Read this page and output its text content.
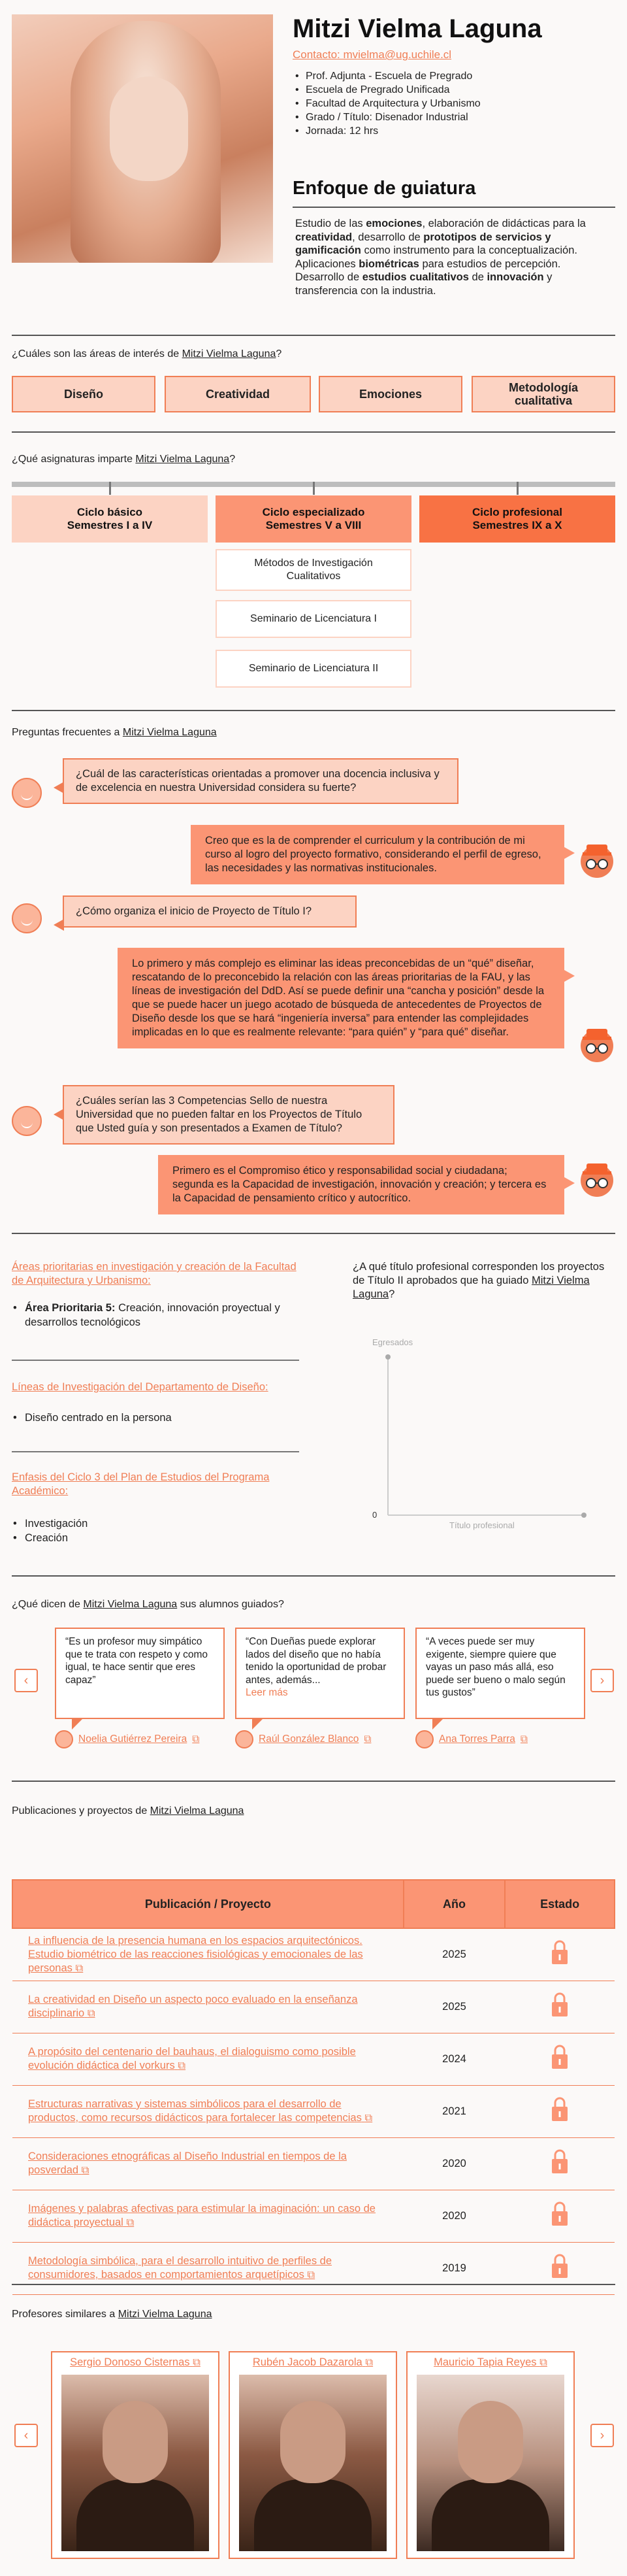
Mitzi Vielma Laguna
Contacto: mvielma@ug.uchile.cl
• Prof. Adjunta - Escuela de Pregrado
• Escuela de Pregrado Unificada
• Facultad de Arquitectura y Urbanismo
• Grado / Título: Disenador Industrial
• Jornada: 12 hrs
Enfoque de guiatura
Estudio de las emociones, elaboración de didácticas para la creatividad, desarrollo de prototipos de servicios y gamificación como instrumento para la conceptualización. Aplicaciones biométricas para estudios de percepción. Desarrollo de estudios cualitativos de innovación y transferencia con la industria.
¿Cuáles son las áreas de interés de Mitzi Vielma Laguna?
Diseño	Creatividad	Emociones	Metodología cualitativa
¿Qué asignaturas imparte Mitzi Vielma Laguna?
Ciclo básico
Semestres I a IV
Ciclo especializado
Semestres V a VIII
Ciclo profesional
Semestres IX a X
Métodos de Investigación Cualitativos
Seminario de Licenciatura I
Seminario de Licenciatura II
Preguntas frecuentes a Mitzi Vielma Laguna
¿Cuál de las características orientadas a promover una docencia inclusiva y de excelencia en nuestra Universidad considera su fuerte?
Creo que es la de comprender el curriculum y la contribución de mi curso al logro del proyecto formativo, considerando el perfil de egreso, las necesidades y las normativas institucionales.
¿Cómo organiza el inicio de Proyecto de Título I?
Lo primero y más complejo es eliminar las ideas preconcebidas de un “qué” diseñar, rescatando de lo preconcebido la relación con las áreas prioritarias de la FAU, y las líneas de investigación del DdD. Así se puede definir una “cancha y posición” desde la que se puede hacer un juego acotado de búsqueda de antecedentes de Proyectos de Diseño desde los que se hará “ingeniería inversa” para entender las complejidades implicadas en lo que es realmente relevante: “para quién” y “para qué” diseñar.
¿Cuáles serían las 3 Competencias Sello de nuestra Universidad que no pueden faltar en los Proyectos de Título que Usted guía y son presentados a Examen de Título?
Primero es el Compromiso ético y responsabilidad social y ciudadana; segunda es la Capacidad de investigación, innovación y creación; y tercera es la Capacidad de pensamiento crítico y autocrítico.
Áreas prioritarias en investigación y creación de la Facultad de Arquitectura y Urbanismo:
• Área Prioritaria 5: Creación, innovación proyectual y desarrollos tecnológicos
Líneas de Investigación del Departamento de Diseño:
• Diseño centrado en la persona
Enfasis del Ciclo 3 del Plan de Estudios del Programa Académico:
• Investigación
• Creación
¿A qué título profesional corresponden los proyectos de Título II aprobados que ha guiado Mitzi Vielma Laguna?
Egresados
0
Título profesional
¿Qué dicen de Mitzi Vielma Laguna sus alumnos guiados?
‹	›
“Es un profesor muy simpático que te trata con respeto y como igual, te hace sentir que eres capaz”
“Con Dueñas puede explorar lados del diseño que no había tenido la oportunidad de probar antes, además...
Leer más
“A veces puede ser muy exigente, siempre quiere que vayas un paso más allá, eso puede ser bueno o malo según tus gustos”
Noelia Gutiérrez Pereira ⧉	Raúl González Blanco ⧉	Ana Torres Parra ⧉
Publicaciones y proyectos de Mitzi Vielma Laguna
Publicación / Proyecto	Año	Estado
La influencia de la presencia humana en los espacios arquitectónicos. Estudio biométrico de las reacciones fisiológicas y emocionales de las personas ⧉	2025	
La creatividad en Diseño un aspecto poco evaluado en la enseñanza disciplinario ⧉	2025	
A propósito del centenario del bauhaus, el dialoguismo como posible evolución didáctica del vorkurs ⧉	2024	
Estructuras narrativas y sistemas simbólicos para el desarrollo de productos, como recursos didácticos para fortalecer las competencias ⧉	2021	
Consideraciones etnográficas al Diseño Industrial en tiempos de la posverdad ⧉	2020	
Imágenes y palabras afectivas para estimular la imaginación: un caso de didáctica proyectual ⧉	2020	
Metodología simbólica, para el desarrollo intuitivo de perfiles de consumidores, basados en comportamientos arquetípicos ⧉	2019	
Profesores similares a Mitzi Vielma Laguna
‹	›
Sergio Donoso Cisternas ⧉	Rubén Jacob Dazarola ⧉	Mauricio Tapia Reyes ⧉
